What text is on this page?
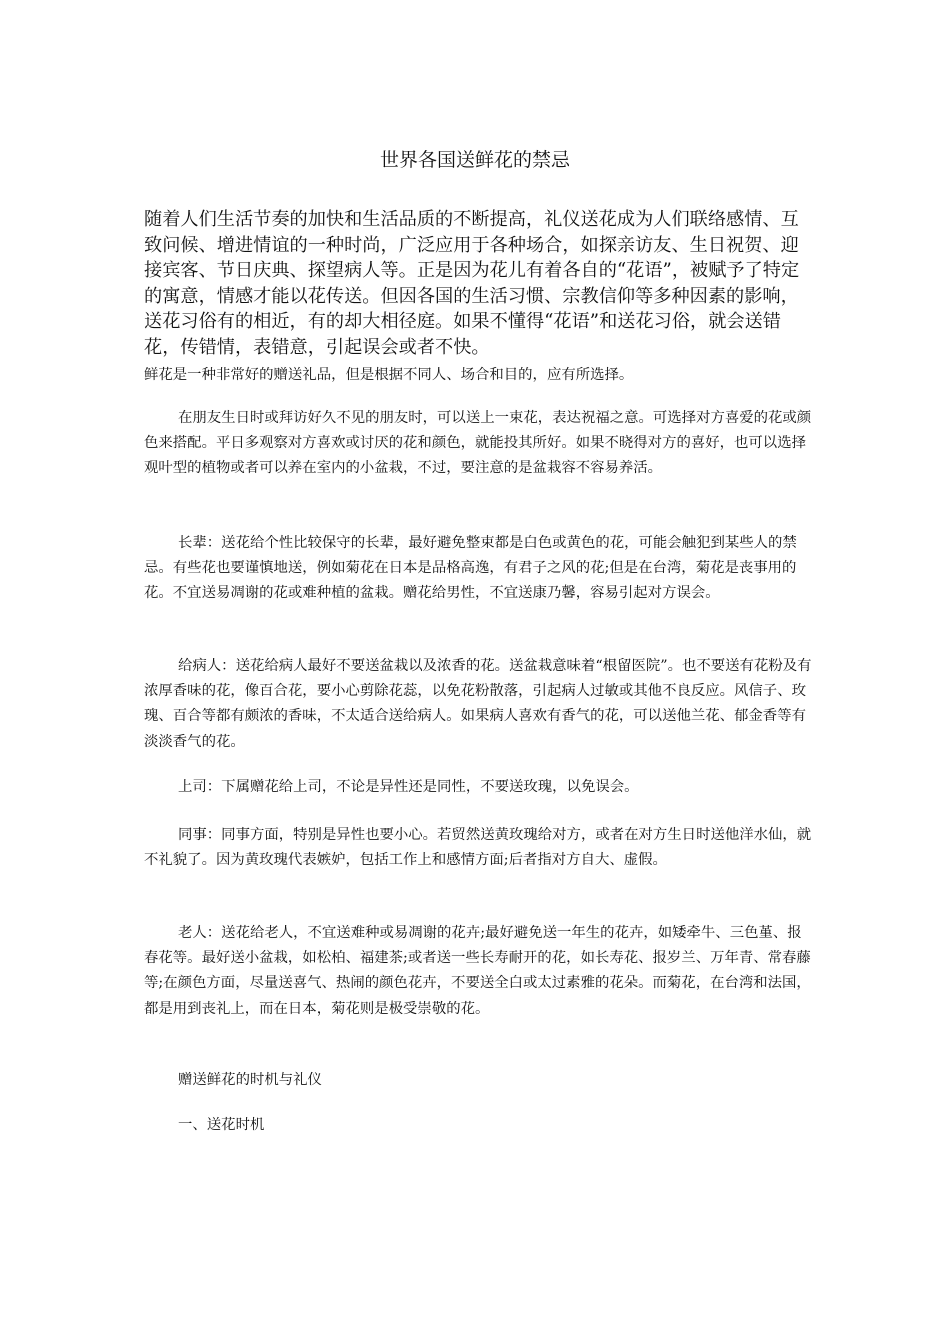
世界各国送鲜花的禁忌

随着人们生活节奏的加快和生活品质的不断提高，礼仪送花成为人们联络感情、互致问候、增进情谊的一种时尚，广泛应用于各种场合，如探亲访友、生日祝贺、迎接宾客、节日庆典、探望病人等。正是因为花儿有着各自的“花语”，被赋予了特定的寓意，情感才能以花传送。但因各国的生活习惯、宗教信仰等多种因素的影响，送花习俗有的相近，有的却大相径庭。如果不懂得“花语”和送花习俗，就会送错花，传错情，表错意，引起误会或者不快。

鲜花是一种非常好的赠送礼品，但是根据不同人、场合和目的，应有所选择。

在朋友生日时或拜访好久不见的朋友时，可以送上一束花，表达祝福之意。可选择对方喜爱的花或颜色来搭配。平日多观察对方喜欢或讨厌的花和颜色，就能投其所好。如果不晓得对方的喜好，也可以选择观叶型的植物或者可以养在室内的小盆栽，不过，要注意的是盆栽容不容易养活。

长辈：送花给个性比较保守的长辈，最好避免整束都是白色或黄色的花，可能会触犯到某些人的禁忌。有些花也要谨慎地送，例如菊花在日本是品格高逸，有君子之风的花;但是在台湾，菊花是丧事用的花。不宜送易凋谢的花或难种植的盆栽。赠花给男性，不宜送康乃馨，容易引起对方误会。

给病人：送花给病人最好不要送盆栽以及浓香的花。送盆栽意味着“根留医院”。也不要送有花粉及有浓厚香味的花，像百合花，要小心剪除花蕊，以免花粉散落，引起病人过敏或其他不良反应。风信子、玫瑰、百合等都有颇浓的香味，不太适合送给病人。如果病人喜欢有香气的花，可以送他兰花、郁金香等有淡淡香气的花。

上司：下属赠花给上司，不论是异性还是同性，不要送玫瑰，以免误会。

同事：同事方面，特别是异性也要小心。若贸然送黄玫瑰给对方，或者在对方生日时送他洋水仙，就不礼貌了。因为黄玫瑰代表嫉妒，包括工作上和感情方面;后者指对方自大、虚假。

老人：送花给老人，不宜送难种或易凋谢的花卉;最好避免送一年生的花卉，如矮牵牛、三色堇、报春花等。最好送小盆栽，如松柏、福建茶;或者送一些长寿耐开的花，如长寿花、报岁兰、万年青、常春藤等;在颜色方面，尽量送喜气、热闹的颜色花卉，不要送全白或太过素雅的花朵。而菊花，在台湾和法国，都是用到丧礼上，而在日本，菊花则是极受崇敬的花。

赠送鲜花的时机与礼仪

一、送花时机
